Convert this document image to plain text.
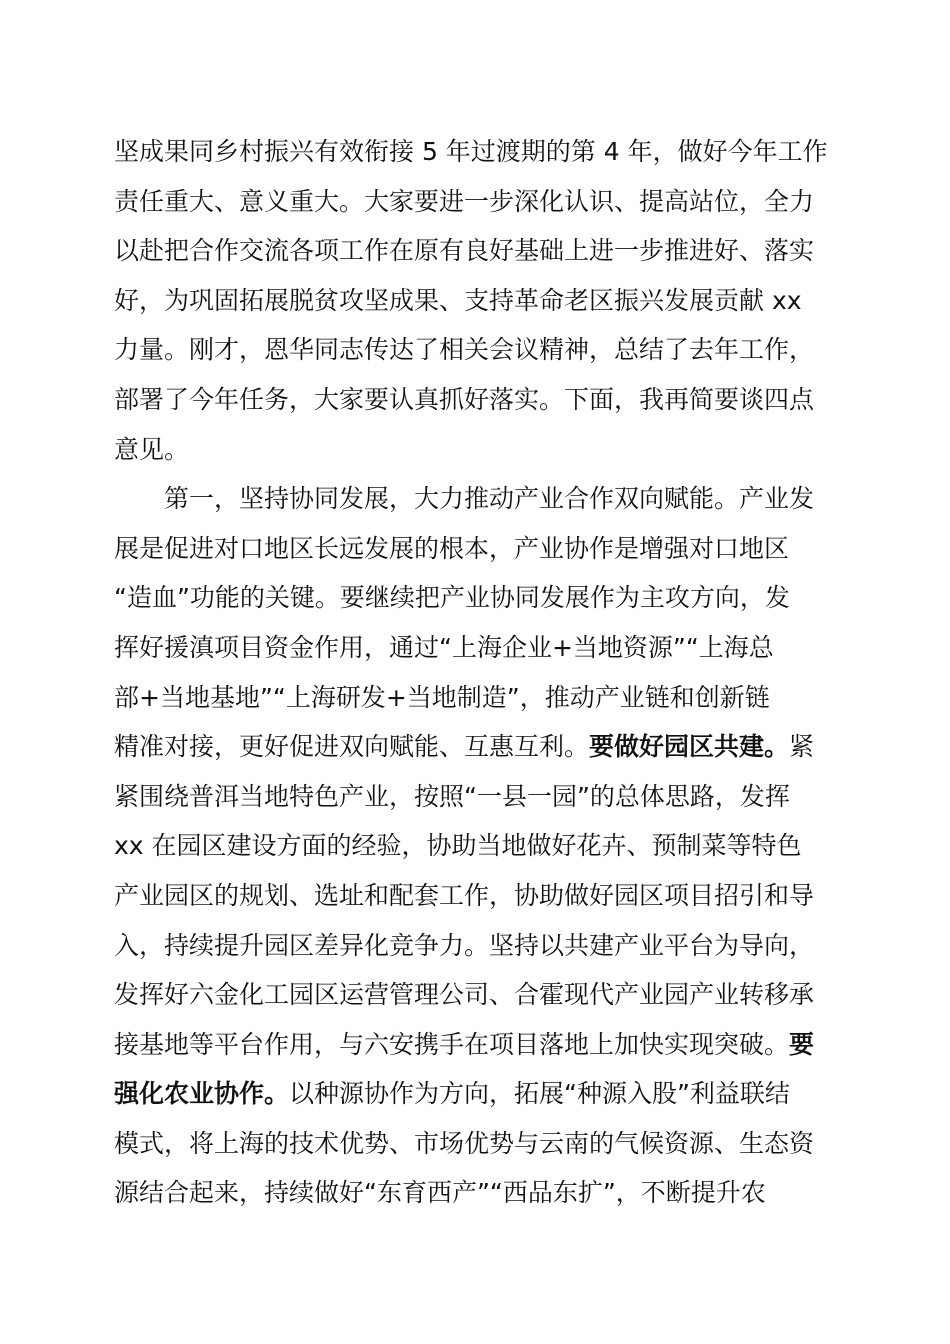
坚成果同乡村振兴有效衔接 5 年过渡期的第 4 年，做好今年工作
责任重大、意义重大。大家要进一步深化认识、提高站位，全力
以赴把合作交流各项工作在原有良好基础上进一步推进好、落实
好，为巩固拓展脱贫攻坚成果、支持革命老区振兴发展贡献 xx
力量。刚才，恩华同志传达了相关会议精神，总结了去年工作，
部署了今年任务，大家要认真抓好落实。下面，我再简要谈四点
意见。
第一，坚持协同发展，大力推动产业合作双向赋能。产业发
展是促进对口地区长远发展的根本，产业协作是增强对口地区
“造血”功能的关键。要继续把产业协同发展作为主攻方向，发
挥好援滇项目资金作用，通过“上海企业+当地资源”“上海总
部+当地基地”“上海研发+当地制造”，推动产业链和创新链
精准对接，更好促进双向赋能、互惠互利。要做好园区共建。紧
紧围绕普洱当地特色产业，按照“一县一园”的总体思路，发挥
xx 在园区建设方面的经验，协助当地做好花卉、预制菜等特色
产业园区的规划、选址和配套工作，协助做好园区项目招引和导
入，持续提升园区差异化竞争力。坚持以共建产业平台为导向，
发挥好六金化工园区运营管理公司、合霍现代产业园产业转移承
接基地等平台作用，与六安携手在项目落地上加快实现突破。要
强化农业协作。以种源协作为方向，拓展“种源入股”利益联结
模式，将上海的技术优势、市场优势与云南的气候资源、生态资
源结合起来，持续做好“东育西产”“西品东扩”，不断提升农
